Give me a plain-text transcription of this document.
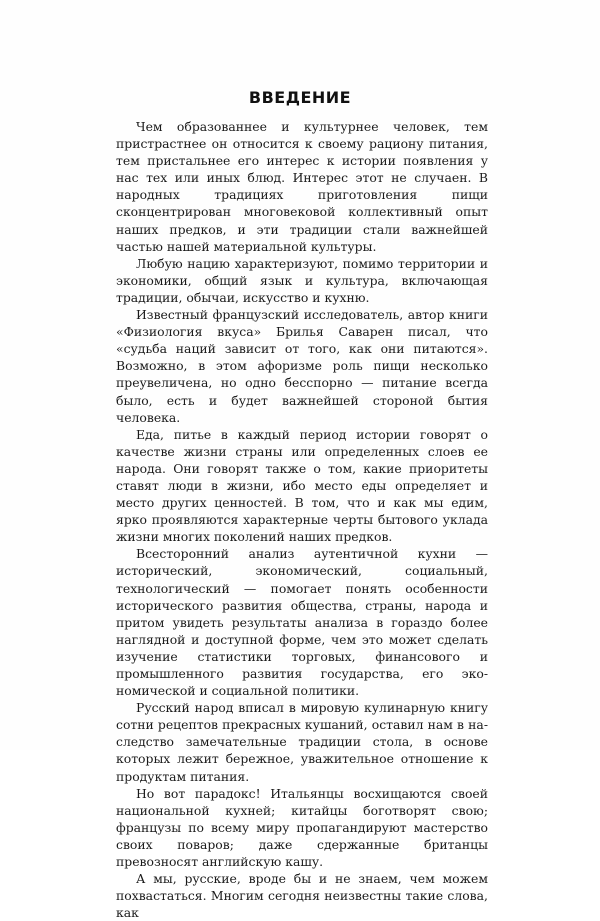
ВВЕДЕНИЕ

Чем образованнее и культурнее человек, тем пристрастнее он относится к своему рациону питания, тем пристальнее его интерес к истории появления у нас тех или иных блюд. Интерес этот не случаен. В народных традициях приготовления пищи сконцентрирован многовековой коллективный опыт наших предков, и эти традиции стали важнейшей частью нашей материальной культуры.

Любую нацию характеризуют, помимо территории и экономики, общий язык и культура, включающая традиции, обычаи, искусство и кухню.

Известный французский исследователь, автор книги «Физиология вкуса» Брилья Саварен писал, что «судьба наций зависит от того, как они питаются». Возможно, в этом афоризме роль пищи несколько преувеличена, но одно бесспорно — питание всегда было, есть и будет важнейшей стороной бытия человека.

Еда, питье в каждый период истории говорят о качестве жизни страны или определенных слоев ее народа. Они говорят также о том, какие приоритеты ставят люди в жизни, ибо место еды определяет и место других ценностей. В том, что и как мы едим, ярко проявляются характерные черты бытового уклада жизни многих поколений наших предков.

Всесторонний анализ аутентичной кухни — исторический, экономический, социальный, технологический — помогает понять особенности исторического развития общества, страны, народа и притом увидеть результаты анализа в гораздо более наглядной и доступной форме, чем это может сделать изучение статистики торговых, финансового и промышленного развития государства, его экономической и социальной политики.

Русский народ вписал в мировую кулинарную книгу сотни рецептов прекрасных кушаний, оставил нам в наследство замечательные традиции стола, в основе которых лежит бережное, уважительное отношение к продуктам питания.

Но вот парадокс! Итальянцы восхищаются своей национальной кухней; китайцы боготворят свою; французы по всему миру пропагандируют мастерство своих поваров; даже сдержанные британцы превозносят английскую кашу.

А мы, русские, вроде бы и не знаем, чем можем похвастаться. Многим сегодня неизвестны такие слова, как
